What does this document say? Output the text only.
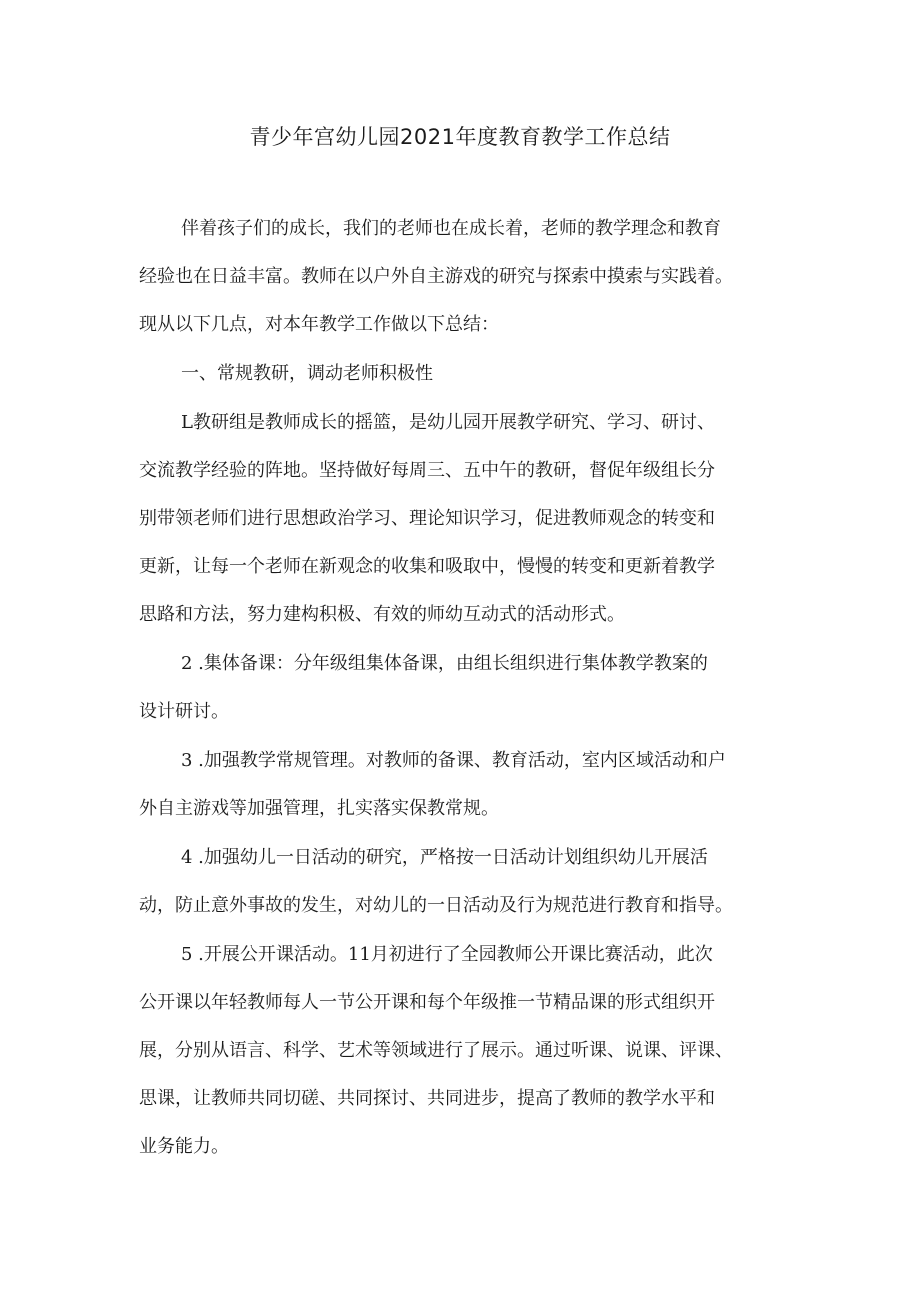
青少年宫幼儿园2021年度教育教学工作总结
伴着孩子们的成长，我们的老师也在成长着，老师的教学理念和教育
经验也在日益丰富。教师在以户外自主游戏的研究与探索中摸索与实践着。
现从以下几点，对本年教学工作做以下总结：
一、常规教研，调动老师积极性
L教研组是教师成长的摇篮，是幼儿园开展教学研究、学习、研讨、
交流教学经验的阵地。坚持做好每周三、五中午的教研，督促年级组长分
别带领老师们进行思想政治学习、理论知识学习，促进教师观念的转变和
更新，让每一个老师在新观念的收集和吸取中，慢慢的转变和更新着教学
思路和方法，努力建构积极、有效的师幼互动式的活动形式。
2 .集体备课：分年级组集体备课，由组长组织进行集体教学教案的
设计研讨。
3 .加强教学常规管理。对教师的备课、教育活动，室内区域活动和户
外自主游戏等加强管理，扎实落实保教常规。
4 .加强幼儿一日活动的研究，严格按一日活动计划组织幼儿开展活
动，防止意外事故的发生，对幼儿的一日活动及行为规范进行教育和指导。
5 .开展公开课活动。11月初进行了全园教师公开课比赛活动，此次
公开课以年轻教师每人一节公开课和每个年级推一节精品课的形式组织开
展，分别从语言、科学、艺术等领域进行了展示。通过听课、说课、评课、
思课，让教师共同切磋、共同探讨、共同进步，提高了教师的教学水平和
业务能力。
